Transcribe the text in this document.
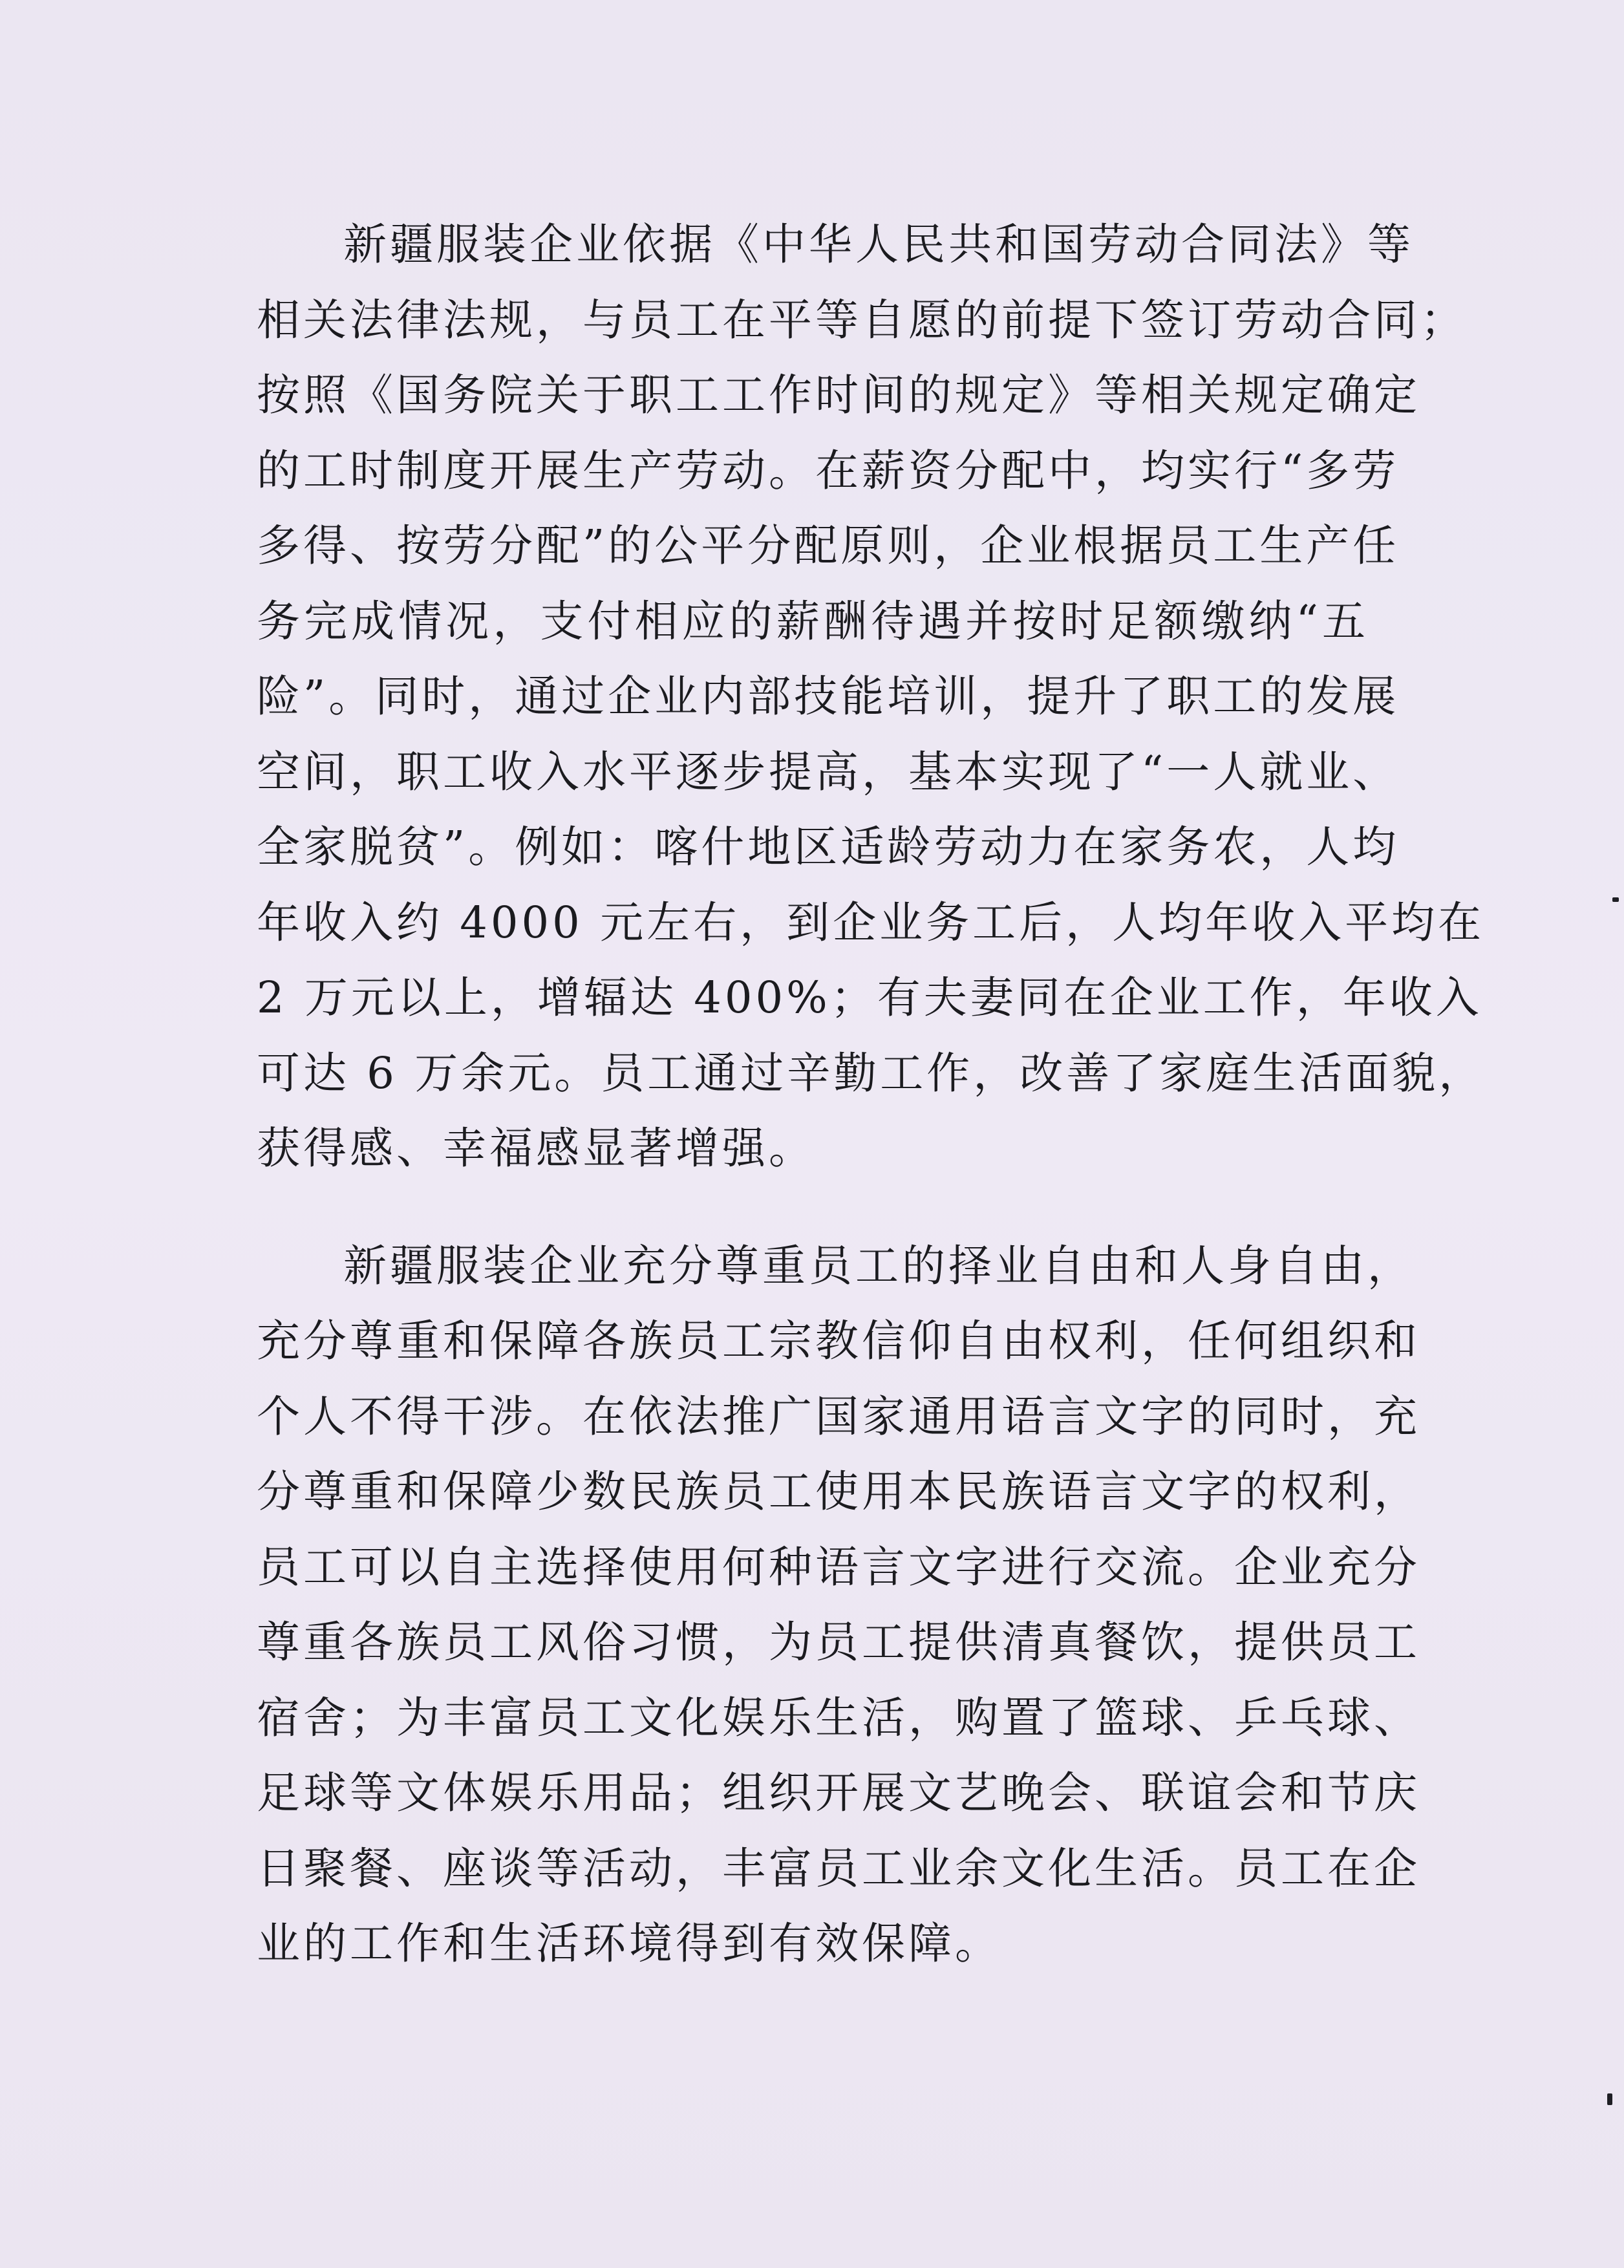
新疆服装企业依据《中华人民共和国劳动合同法》等
相关法律法规，与员工在平等自愿的前提下签订劳动合同；
按照《国务院关于职工工作时间的规定》等相关规定确定
的工时制度开展生产劳动。在薪资分配中，均实行“多劳
多得、按劳分配”的公平分配原则，企业根据员工生产任
务完成情况，支付相应的薪酬待遇并按时足额缴纳“五
险”。同时，通过企业内部技能培训，提升了职工的发展
空间，职工收入水平逐步提高，基本实现了“一人就业、
全家脱贫”。例如：喀什地区适龄劳动力在家务农，人均
年收入约 4000 元左右，到企业务工后，人均年收入平均在
2 万元以上，增辐达 400%；有夫妻同在企业工作，年收入
可达 6 万余元。员工通过辛勤工作，改善了家庭生活面貌，
获得感、幸福感显著增强。
新疆服装企业充分尊重员工的择业自由和人身自由，
充分尊重和保障各族员工宗教信仰自由权利，任何组织和
个人不得干涉。在依法推广国家通用语言文字的同时，充
分尊重和保障少数民族员工使用本民族语言文字的权利，
员工可以自主选择使用何种语言文字进行交流。企业充分
尊重各族员工风俗习惯，为员工提供清真餐饮，提供员工
宿舍；为丰富员工文化娱乐生活，购置了篮球、乒乓球、
足球等文体娱乐用品；组织开展文艺晚会、联谊会和节庆
日聚餐、座谈等活动，丰富员工业余文化生活。员工在企
业的工作和生活环境得到有效保障。
